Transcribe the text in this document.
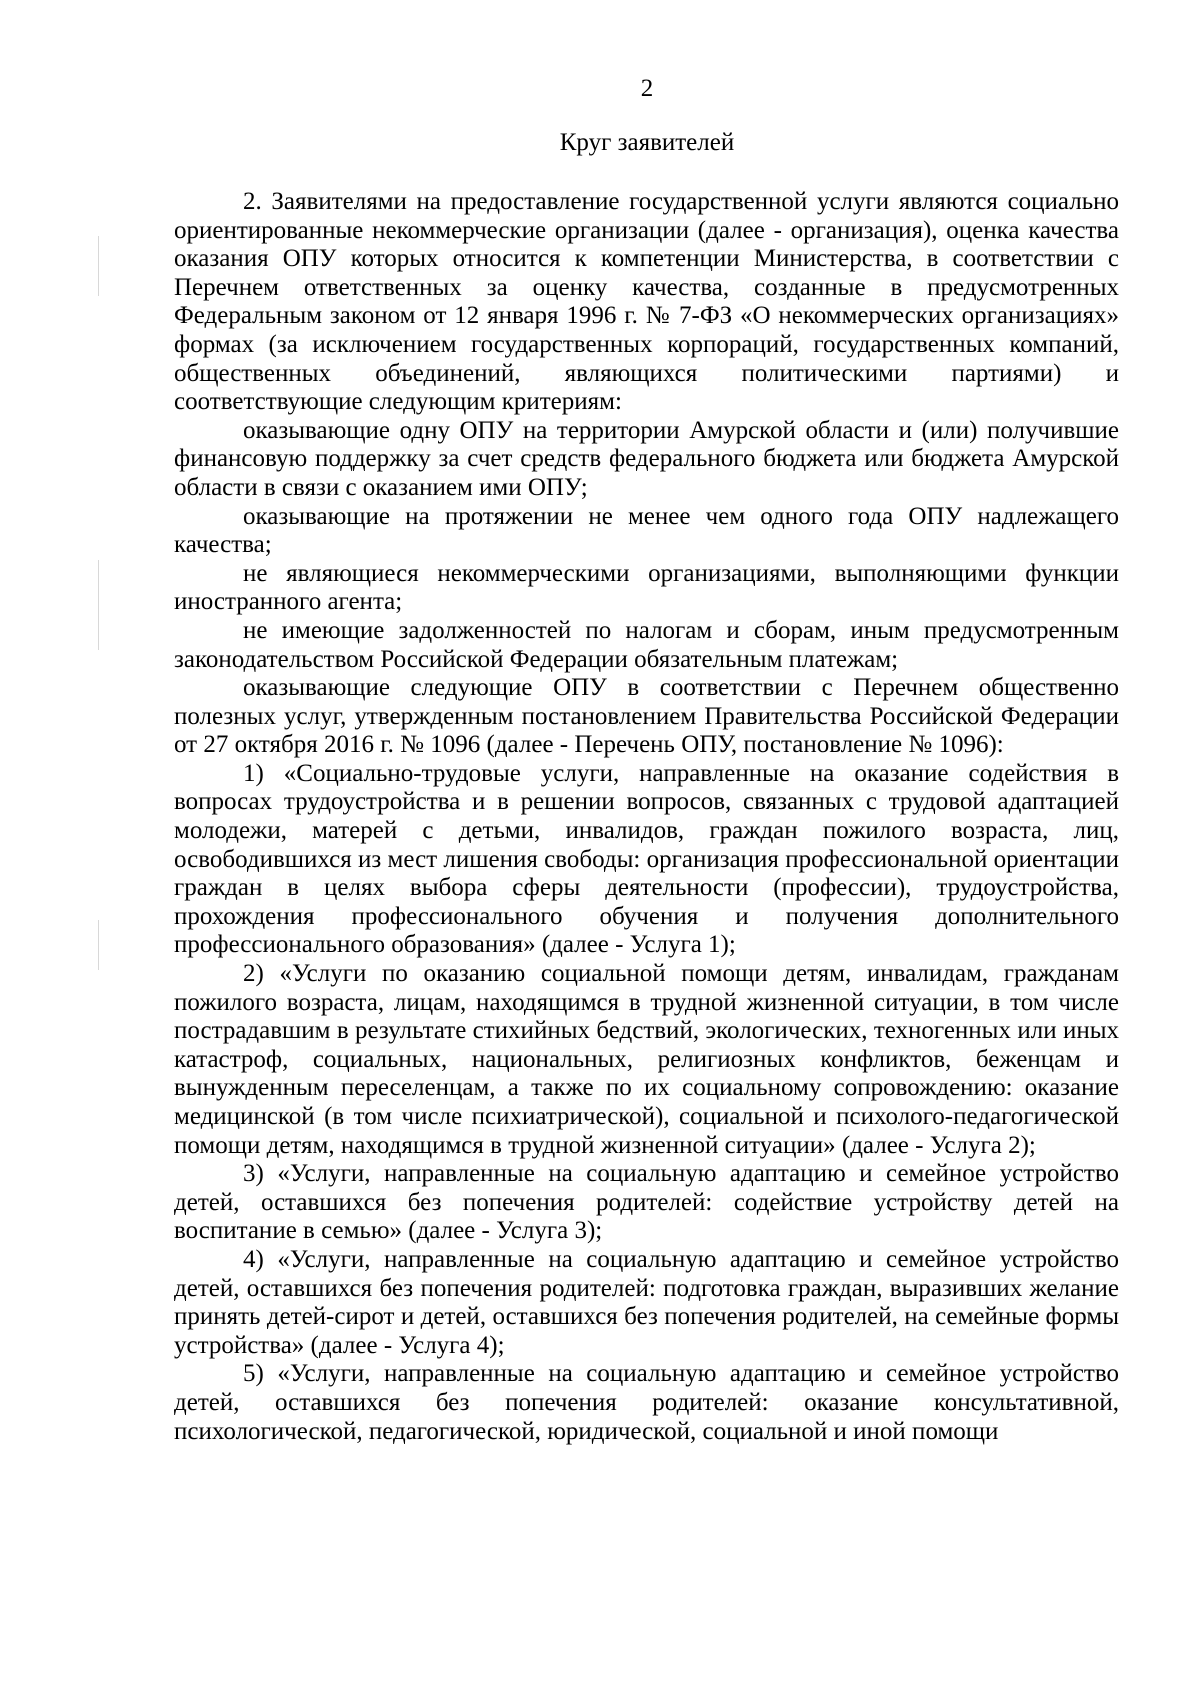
2
Круг заявителей

2. Заявителями на предоставление государственной услуги являются социально ориентированные некоммерческие организации (далее - организация), оценка качества оказания ОПУ которых относится к компетенции Министерства, в соответствии с Перечнем ответственных за оценку качества, созданные в предусмотренных Федеральным законом от 12 января 1996 г. № 7-ФЗ «О некоммерческих организациях» формах (за исключением государственных корпораций, государственных компаний, общественных объединений, являющихся политическими партиями) и соответствующие следующим критериям:

оказывающие одну ОПУ на территории Амурской области и (или) получившие финансовую поддержку за счет средств федерального бюджета или бюджета Амурской области в связи с оказанием ими ОПУ;

оказывающие на протяжении не менее чем одного года ОПУ надлежащего качества;

не являющиеся некоммерческими организациями, выполняющими функции иностранного агента;

не имеющие задолженностей по налогам и сборам, иным предусмотренным законодательством Российской Федерации обязательным платежам;

оказывающие следующие ОПУ в соответствии с Перечнем общественно полезных услуг, утвержденным постановлением Правительства Российской Федерации от 27 октября 2016 г. № 1096 (далее - Перечень ОПУ, постановление № 1096):

1) «Социально-трудовые услуги, направленные на оказание содействия в вопросах трудоустройства и в решении вопросов, связанных с трудовой адаптацией молодежи, матерей с детьми, инвалидов, граждан пожилого возраста, лиц, освободившихся из мест лишения свободы: организация профессиональной ориентации граждан в целях выбора сферы деятельности (профессии), трудоустройства, прохождения профессионального обучения и получения дополнительного профессионального образования» (далее - Услуга 1);

2) «Услуги по оказанию социальной помощи детям, инвалидам, гражданам пожилого возраста, лицам, находящимся в трудной жизненной ситуации, в том числе пострадавшим в результате стихийных бедствий, экологических, техногенных или иных катастроф, социальных, национальных, религиозных конфликтов, беженцам и вынужденным переселенцам, а также по их социальному сопровождению: оказание медицинской (в том числе психиатрической), социальной и психолого-педагогической помощи детям, находящимся в трудной жизненной ситуации» (далее - Услуга 2);

3) «Услуги, направленные на социальную адаптацию и семейное устройство детей, оставшихся без попечения родителей: содействие устройству детей на воспитание в семью» (далее - Услуга 3);

4) «Услуги, направленные на социальную адаптацию и семейное устройство детей, оставшихся без попечения родителей: подготовка граждан, выразивших желание принять детей-сирот и детей, оставшихся без попечения родителей, на семейные формы устройства» (далее - Услуга 4);

5) «Услуги, направленные на социальную адаптацию и семейное устройство детей, оставшихся без попечения родителей: оказание консультативной, психологической, педагогической, юридической, социальной и иной помощи
